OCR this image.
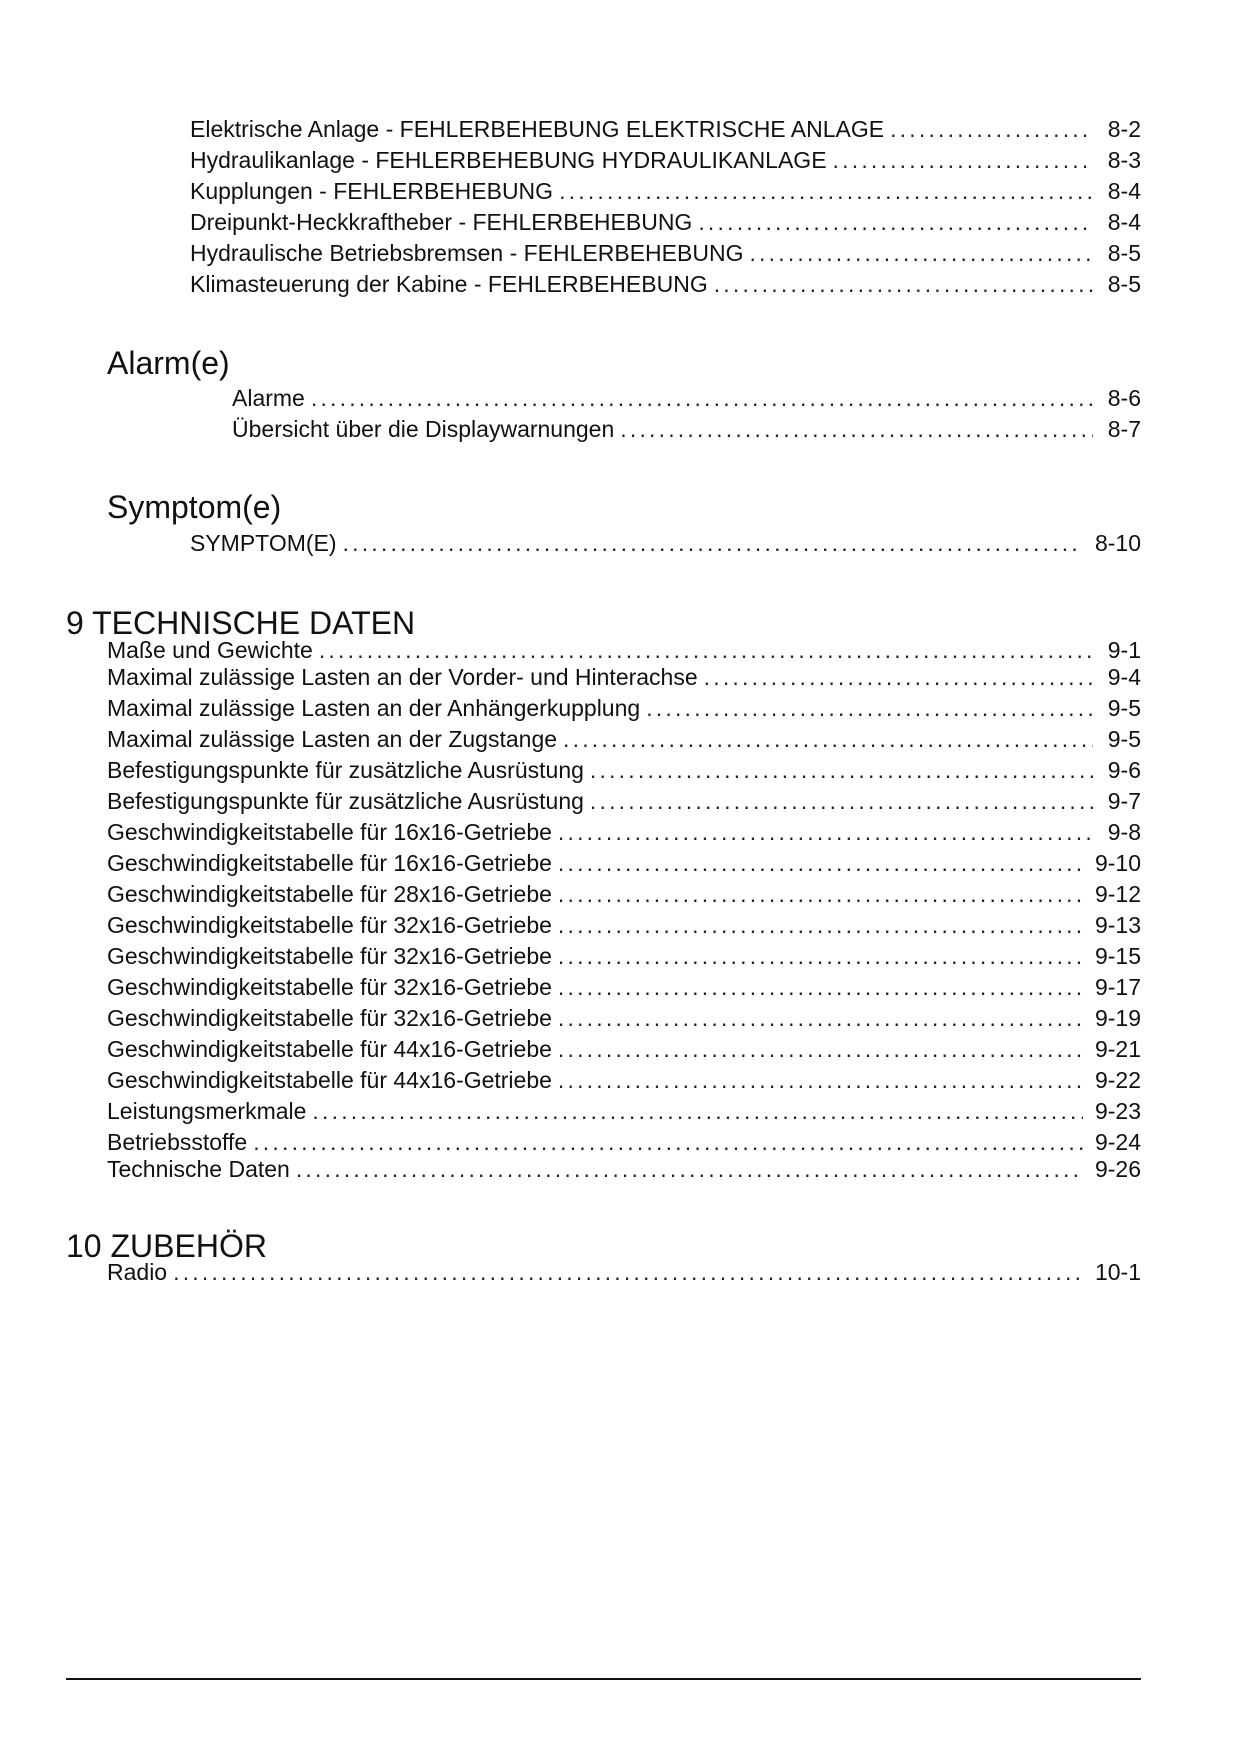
Elektrische Anlage - FEHLERBEHEBUNG ELEKTRISCHE ANLAGE .....	8-2
Hydraulikanlage - FEHLERBEHEBUNG HYDRAULIKANLAGE .....	8-3
Kupplungen - FEHLERBEHEBUNG .....	8-4
Dreipunkt-Heckkraftheber - FEHLERBEHEBUNG .....	8-4
Hydraulische Betriebsbremsen - FEHLERBEHEBUNG .....	8-5
Klimasteuerung der Kabine - FEHLERBEHEBUNG .....	8-5
Alarm(e)
Alarme .....	8-6
Übersicht über die Displaywarnungen .....	8-7
Symptom(e)
SYMPTOM(E) .....	8-10
9 TECHNISCHE DATEN
Maße und Gewichte .....	9-1
Maximal zulässige Lasten an der Vorder- und Hinterachse .....	9-4
Maximal zulässige Lasten an der Anhängerkupplung .....	9-5
Maximal zulässige Lasten an der Zugstange .....	9-5
Befestigungspunkte für zusätzliche Ausrüstung .....	9-6
Befestigungspunkte für zusätzliche Ausrüstung .....	9-7
Geschwindigkeitstabelle für 16x16-Getriebe .....	9-8
Geschwindigkeitstabelle für 16x16-Getriebe .....	9-10
Geschwindigkeitstabelle für 28x16-Getriebe .....	9-12
Geschwindigkeitstabelle für 32x16-Getriebe .....	9-13
Geschwindigkeitstabelle für 32x16-Getriebe .....	9-15
Geschwindigkeitstabelle für 32x16-Getriebe .....	9-17
Geschwindigkeitstabelle für 32x16-Getriebe .....	9-19
Geschwindigkeitstabelle für 44x16-Getriebe .....	9-21
Geschwindigkeitstabelle für 44x16-Getriebe .....	9-22
Leistungsmerkmale .....	9-23
Betriebsstoffe .....	9-24
Technische Daten .....	9-26
10 ZUBEHÖR
Radio .....	10-1
